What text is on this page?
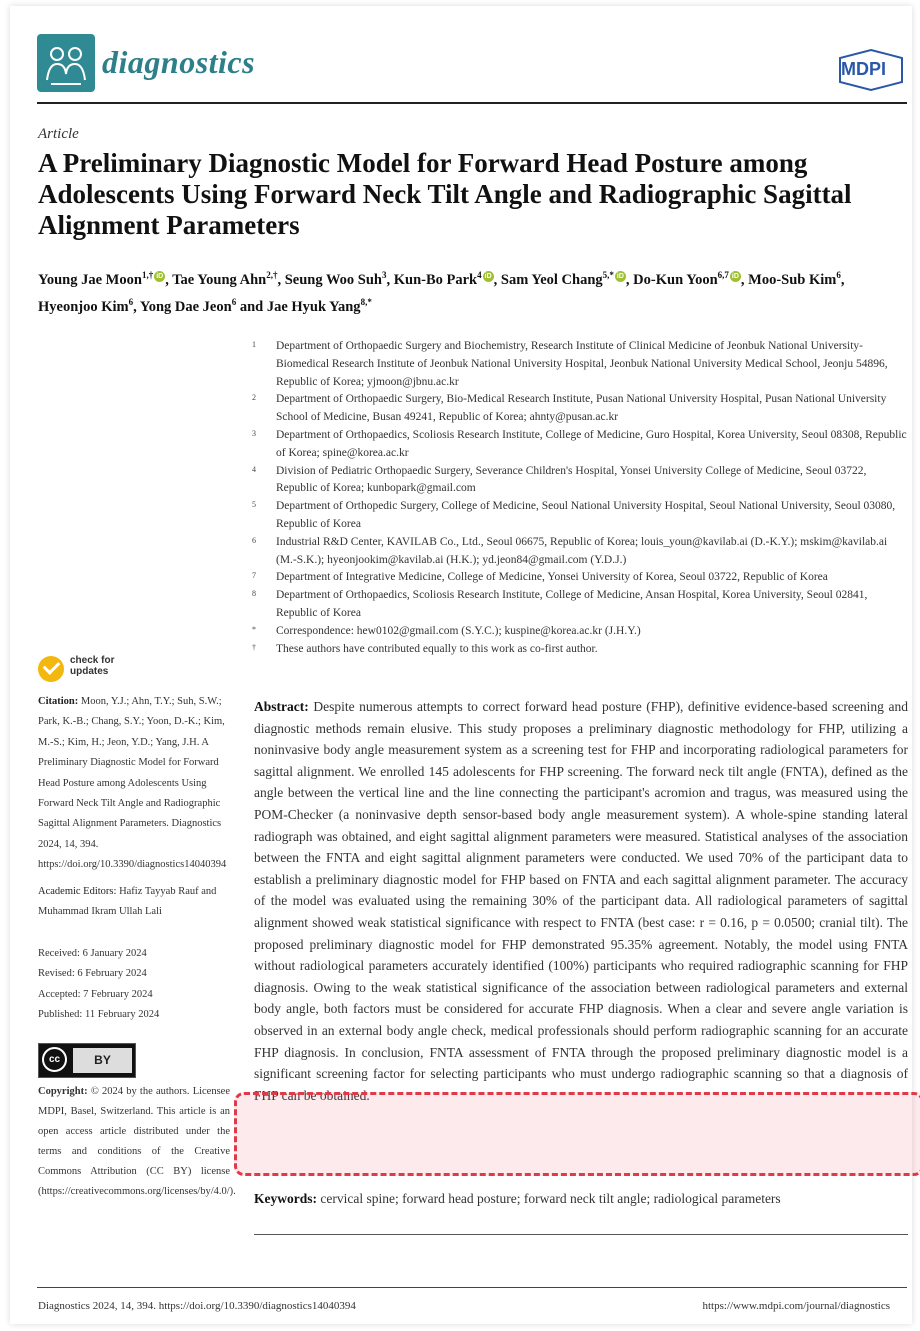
diagnostics	MDPI
Article
A Preliminary Diagnostic Model for Forward Head Posture among Adolescents Using Forward Neck Tilt Angle and Radiographic Sagittal Alignment Parameters
Young Jae Moon$^{1,\dagger}$ iD , Tae Young Ahn$^{2,\dagger}$, Seung Woo Suh$^3$, Kun-Bo Park$^4$ iD , Sam Yeol Chang$^{5,*}$ iD , Do-Kun Yoon$^{6,7}$ iD , Moo-Sub Kim$^6$, Hyeonjoo Kim$^6$, Yong Dae Jeon$^6$ and Jae Hyuk Yang$^{8,*}$
1	Department of Orthopaedic Surgery and Biochemistry, Research Institute of Clinical Medicine of Jeonbuk National University-Biomedical Research Institute of Jeonbuk National University Hospital, Jeonbuk National University Medical School, Jeonju 54896, Republic of Korea; yjmoon@jbnu.ac.kr
2	Department of Orthopaedic Surgery, Bio-Medical Research Institute, Pusan National University Hospital, Pusan National University School of Medicine, Busan 49241, Republic of Korea; ahnty@pusan.ac.kr
3	Department of Orthopaedics, Scoliosis Research Institute, College of Medicine, Guro Hospital, Korea University, Seoul 08308, Republic of Korea; spine@korea.ac.kr
4	Division of Pediatric Orthopaedic Surgery, Severance Children's Hospital, Yonsei University College of Medicine, Seoul 03722, Republic of Korea; kunbopark@gmail.com
5	Department of Orthopedic Surgery, College of Medicine, Seoul National University Hospital, Seoul National University, Seoul 03080, Republic of Korea
6	Industrial R&D Center, KAVILAB Co., Ltd., Seoul 06675, Republic of Korea; louis_youn@kavilab.ai (D.-K.Y.); mskim@kavilab.ai (M.-S.K.); hyeonjookim@kavilab.ai (H.K.); yd.jeon84@gmail.com (Y.D.J.)
7	Department of Integrative Medicine, College of Medicine, Yonsei University of Korea, Seoul 03722, Republic of Korea
8	Department of Orthopaedics, Scoliosis Research Institute, College of Medicine, Ansan Hospital, Korea University, Seoul 02841, Republic of Korea
*	Correspondence: hew0102@gmail.com (S.Y.C.); kuspine@korea.ac.kr (J.H.Y.)
†	These authors have contributed equally to this work as co-first author.
check for
updates
Citation: Moon, Y.J.; Ahn, T.Y.; Suh, S.W.; Park, K.-B.; Chang, S.Y.; Yoon, D.-K.; Kim, M.-S.; Kim, H.; Jeon, Y.D.; Yang, J.H. A Preliminary Diagnostic Model for Forward Head Posture among Adolescents Using Forward Neck Tilt Angle and Radiographic Sagittal Alignment Parameters. Diagnostics 2024, 14, 394. https://doi.org/10.3390/diagnostics14040394
Academic Editors: Hafiz Tayyab Rauf and Muhammad Ikram Ullah Lali
Received: 6 January 2024
Revised: 6 February 2024
Accepted: 7 February 2024
Published: 11 February 2024
cc	BY
Copyright: © 2024 by the authors. Licensee MDPI, Basel, Switzerland. This article is an open access article distributed under the terms and conditions of the Creative Commons Attribution (CC BY) license (https://creativecommons.org/licenses/by/4.0/).

Abstract: Despite numerous attempts to correct forward head posture (FHP), definitive evidence-based screening and diagnostic methods remain elusive. This study proposes a preliminary diagnostic methodology for FHP, utilizing a noninvasive body angle measurement system as a screening test for FHP and incorporating radiological parameters for sagittal alignment. We enrolled 145 adolescents for FHP screening. The forward neck tilt angle (FNTA), defined as the angle between the vertical line and the line connecting the participant's acromion and tragus, was measured using the POM-Checker (a noninvasive depth sensor-based body angle measurement system). A whole-spine standing lateral radiograph was obtained, and eight sagittal alignment parameters were measured. Statistical analyses of the association between the FNTA and eight sagittal alignment parameters were conducted. We used 70% of the participant data to establish a preliminary diagnostic model for FHP based on FNTA and each sagittal alignment parameter. The accuracy of the model was evaluated using the remaining 30% of the participant data. All radiological parameters of sagittal alignment showed weak statistical significance with respect to FNTA (best case: r = 0.16, p = 0.0500; cranial tilt). The proposed preliminary diagnostic model for FHP demonstrated 95.35% agreement. Notably, the model using FNTA without radiological parameters accurately identified (100%) participants who required radiographic scanning for FHP diagnosis. Owing to the weak statistical significance of the association between radiological parameters and external body angle, both factors must be considered for accurate FHP diagnosis. When a clear and severe angle variation is observed in an external body angle check, medical professionals should perform radiographic scanning for an accurate FHP diagnosis. In conclusion, FNTA assessment of FNTA through the proposed preliminary diagnostic model is a significant screening factor for selecting participants who must undergo radiographic scanning so that a diagnosis of FHP can be obtained.

Keywords: cervical spine; forward head posture; forward neck tilt angle; radiological parameters
Diagnostics 2024, 14, 394. https://doi.org/10.3390/diagnostics14040394	https://www.mdpi.com/journal/diagnostics
